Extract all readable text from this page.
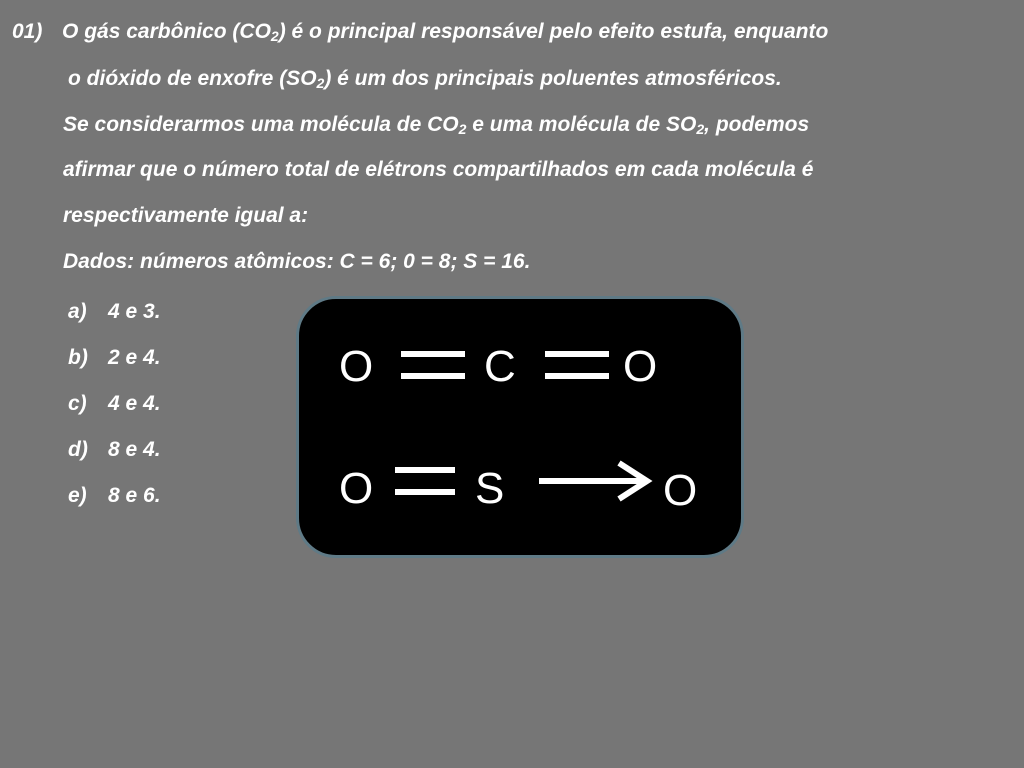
01) O gás carbônico $(CO_2)$ é o principal responsável pelo efeito estufa, enquanto
o dióxido de enxofre $(SO_2)$ é um dos principais poluentes atmosféricos.
Se considerarmos uma molécula de $CO_2$ e uma molécula de $SO_2$, podemos
afirmar que o número total de elétrons compartilhados em cada molécula é
respectivamente igual a:
Dados: números atômicos: C = 6; 0 = 8; S = 16.
a) 4 e 3.
b) 2 e 4.
c) 4 e 4.
d) 8 e 4.
e) 8 e 6.
O	C O
O S	O
